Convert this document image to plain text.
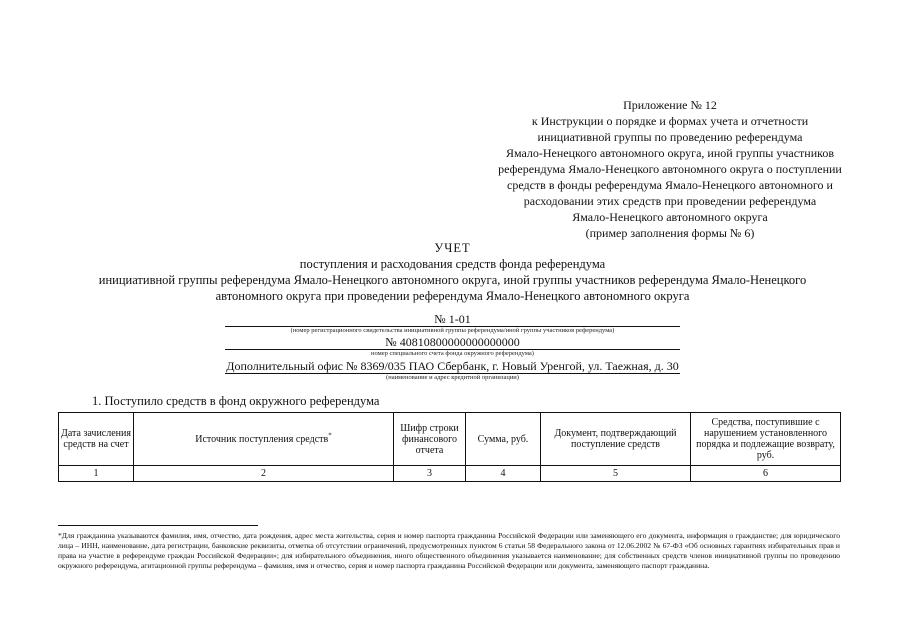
Приложение № 12
к Инструкции о порядке и формах учета и отчетности
инициативной группы по проведению референдума
Ямало-Ненецкого автономного округа, иной группы участников
референдума Ямало-Ненецкого автономного округа о поступлении
средств в фонды референдума Ямало-Ненецкого автономного и
расходовании этих средств при проведении референдума
Ямало-Ненецкого автономного округа
(пример заполнения формы № 6)
УЧЕТ
поступления и расходования средств фонда референдума
инициативной группы референдума Ямало-Ненецкого автономного округа, иной группы участников референдума Ямало-Ненецкого
автономного округа при проведении референдума Ямало-Ненецкого автономного округа
№ 1-01
(номер регистрационного свидетельства инициативной группы референдума/иной группы участников референдума)
№ 40810800000000000000
номер специального счета фонда окружного референдума)
Дополнительный офис № 8369/035 ПАО Сбербанк, г. Новый Уренгой, ул. Таежная, д. 30
(наименование и адрес кредитной организации)
1. Поступило средств в фонд окружного референдума
Дата зачисления средств на счет	Источник поступления средств*	Шифр строки финансового отчета	Сумма, руб.	Документ, подтверждающий поступление средств	Средства, поступившие с нарушением установленного порядка и подлежащие возврату, руб.
1	2	3	4	5	6
*Для гражданина указываются фамилия, имя, отчество, дата рождения, адрес места жительства, серия и номер паспорта гражданина Российской Федерации или заменяющего его документа, информация о гражданстве; для юридического лица – ИНН, наименование, дата регистрации, банковские реквизиты, отметка об отсутствии ограничений, предусмотренных пунктом 6 статьи 58 Федерального закона от 12.06.2002 № 67-ФЗ «Об основных гарантиях избирательных прав и права на участие в референдуме граждан Российской Федерации»; для избирательного объединения, иного общественного объединения указывается наименование; для собственных средств членов инициативной группы по проведению окружного референдума, агитационной группы референдума – фамилия, имя и отчество, серия и номер паспорта гражданина Российской Федерации или документа, заменяющего паспорт гражданина.
